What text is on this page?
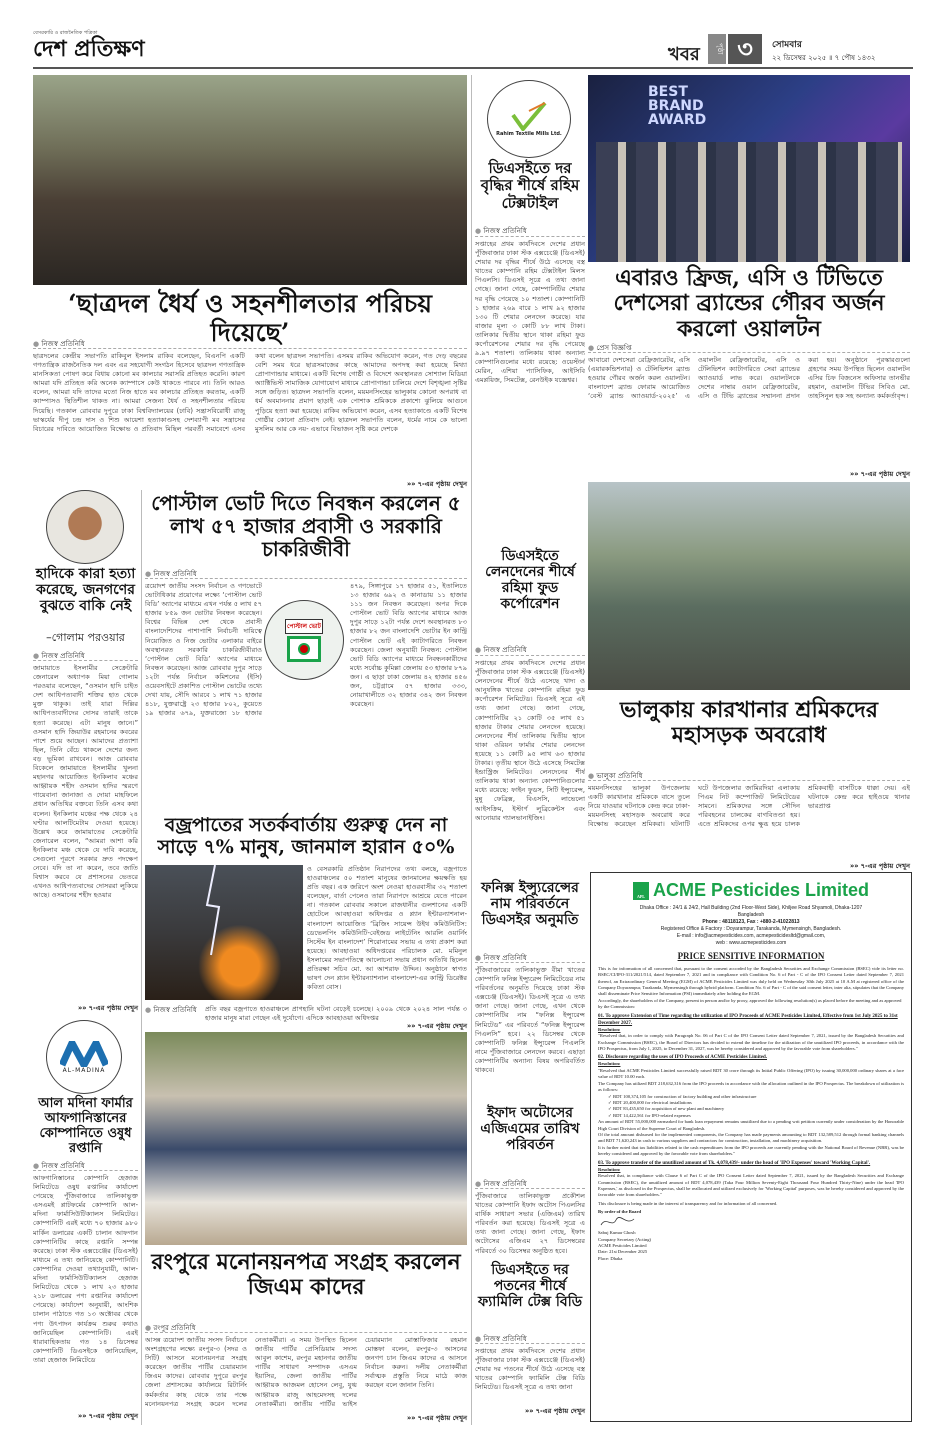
বেসরকারি ও রাজনৈতিক পত্রিকা
দেশ প্রতিক্ষণ	খবর	পৃষ্ঠা ৩	সোমবার
২২ ডিসেম্বর ২০২৫ ॥ ৭ পৌষ ১৪৩২
‘ছাত্রদল ধৈর্য ও সহনশীলতার পরিচয় দিয়েছে’
● নিজস্ব প্রতিনিধি
ছাত্রদলের কেন্দ্রীয় সভাপতি রাকিবুল ইসলাম রাকিব বলেছেন, বিএনপি একটি গণতান্ত্রিক রাজনৈতিক দল এবং এর সহযোগী সংগঠন হিসেবে ছাত্রদল গণতান্ত্রিক মানসিকতা পোষণ করে বিধায় কোনো মব কালচার সরাসরি প্রতিহত করেনি। কারণ আমরা যদি প্রতিহত করি অনেক ক্যাম্পাসে কেউ থাকতে পারবে না। তিনি আরও বলেন, আমরা যদি তাদের মতো নিজ হাতে মব কালচার প্রতিহত করতাম, একটি ক্যাম্পাসও স্থিতিশীল থাকত না। আমরা সেজন্য ধৈর্য ও সহনশীলতার পরিচয় দিয়েছি। গতকাল রোববার দুপুরে ঢাকা বিশ্ববিদ্যালয়ের (ঢাবি) সন্ত্রাসবিরোধী রাজু ভাস্কর্যের দীপু চন্দ্র দাস ও শিশু আয়েশা হত্যাকাণ্ডসহ দেশব্যাপী মব সন্ত্রাসের বিচারের দাবিতে আয়োজিত বিক্ষোভ ও প্রতিবাদ মিছিল পরবর্তী সমাবেশে এসব কথা বলেন ছাত্রদল সভাপতি। এসময় রাকিব অভিযোগ করেন, গত দেড় বছরের বেশি সময় ধরে ছাত্রসমাজের কাছে আমাদের অপদস্থ করা হয়েছে মিথ্যা প্রোপাগান্ডার মাধ্যমে। একটি বিশেষ গোষ্ঠী ও বিদেশে অবস্থানরত সোশ্যাল মিডিয়া অ্যাক্টিভিস্ট সামাজিক যোগাযোগ মাধ্যমে প্রোপাগান্ডা চালিয়ে দেশে বিশৃঙ্খলা সৃষ্টির সঙ্গে জড়িত। ছাত্রদল সভাপতি বলেন, ময়মনসিংহের ভালুকায় কোনো অপরাধ বা ধর্ম অবমাননার প্রমাণ ছাড়াই এক পোশাক শ্রমিককে প্রকাশ্যে ঝুলিয়ে আগুনে পুড়িয়ে হত্যা করা হয়েছে। রাকিব অভিযোগ করেন, এসব হত্যাকাণ্ডে একটি বিশেষ গোষ্ঠীর কোনো প্রতিবাদ নেই। ছাত্রদল সভাপতি বলেন, ধর্মের নামে কে ভালো মুসলিম আর কে নয়- এভাবে বিভাজন সৃষ্টি করে দেশকে
»» ৭-এর পৃষ্ঠায় দেখুন
Rahim Textile Mills Ltd.
ডিএসইতে দর বৃদ্ধির শীর্ষে রহিম টেক্সটাইল
● নিজস্ব প্রতিনিধি
সপ্তাহের প্রথম কার্যদিবসে দেশের প্রধান পুঁজিবাজার ঢাকা স্টক এক্সচেঞ্জে (ডিএসই) শেয়ার দর বৃদ্ধির শীর্ষে উঠে এসেছে বস্ত্র খাতের কোম্পানি রহিম টেক্সটাইল মিলস পিএলসি। ডিএসই সূত্রে এ তথ্য জানা গেছে। জানা গেছে, কোম্পানিটির শেয়ার দর বৃদ্ধি পেয়েছে ১০ শতাংশ। কোম্পানিটি ১ হাজার ২৬৯ বারে ১ লাখ ৯২ হাজার ১৩০ টি শেয়ার লেনদেন করেছে। যার বাজার মূল্য ৩ কোটি ৮৮ লাখ টাকা। তালিকার দ্বিতীয় স্থানে থাকা রহিমা ফুড কর্পোরেশনের শেয়ার দর বৃদ্ধি পেয়েছে ৯.৯৭ শতাংশ। তালিকায় থাকা অন্যান্য কোম্পানিগুলোর মধ্যে রয়েছে: ওয়েস্টার্ন মেরিন, এশিয়া প্যাসিফিক, আইসিবি এমপ্লয়িজ, সিমটেক্স, রেনউইক যজ্ঞেশ্বর।
ডিএসইতে লেনদেনের শীর্ষে রহিমা ফুড কর্পোরেশন
● নিজস্ব প্রতিনিধি
সপ্তাহের প্রথম কার্যদিবসে দেশের প্রধান পুঁজিবাজার ঢাকা স্টক এক্সচেঞ্জে (ডিএসই) লেনদেনের শীর্ষে উঠে এসেছে খাদ্য ও আনুষঙ্গিক খাতের কোম্পানি রহিমা ফুড কর্পোরেশন লিমিটেড। ডিএসই সূত্রে এই তথ্য জানা গেছে। জানা গেছে, কোম্পানিটির ২১ কোটি ৩৫ লাখ ৫১ হাজার টাকার শেয়ার লেনদেন হয়েছে। লেনদেনের শীর্ষ তালিকায় দ্বিতীয় স্থানে থাকা ওরিয়ন ফার্মার শেয়ার লেনদেন হয়েছে ১১ কোটি ৯৫ লাখ ৬৩ হাজার টাকার। তৃতীয় স্থানে উঠে এসেছে সিমটেক্স ইন্ডাস্ট্রিজ লিমিটেড। লেনদেনের শীর্ষ তালিকায় থাকা অন্যান্য কোম্পানিগুলোর মধ্যে রয়েছে: ফাইন ফুডস, সিটি ইন্স্যুরেন্স, মুন্নু ফেব্রিক্স, বিএসসি, লাভেলো আইসক্রিম, ইস্টার্ণ লুব্রিকেন্টস এবং আনোয়ার গ্যালভানাইজিং।
ফনিক্স ইন্স্যুরেন্সের নাম পরিবর্তনে ডিএসইর অনুমতি
● নিজস্ব প্রতিনিধি
পুঁজিবাজারের তালিকাভুক্ত বীমা খাতের কোম্পানি ফনিক্স ইন্স্যুরেন্স লিমিটেডের নাম পরিবর্তনের অনুমতি দিয়েছে ঢাকা স্টক এক্সচেঞ্জ (ডিএসই)। ডিএসই সূত্রে এ তথ্য জানা গেছে। জানা গেছে, এখন থেকে কোম্পানিটির নাম “ফনিক্স ইন্স্যুরেন্স লিমিটেড” এর পরিবর্তে “ফনিক্স ইন্স্যুরেন্স পিএলসি” হবে। ২২ ডিসেম্বর থেকে কোম্পানিটি ফনিক্স ইন্স্যুরেন্স পিএলসি নামে পুঁজিবাজারে লেনদেন করবে। এছাড়া কোম্পানিটির অন্যান্য বিষয় অপরিবর্তিত থাকবে।
ইফাদ অটোসের এজিএমের তারিখ পরিবর্তন
● নিজস্ব প্রতিনিধি
পুঁজিবাজারে তালিকাভুক্ত প্রকৌশল খাতের কোম্পানি ইফাদ অটোস পিএলসির বার্ষিক সাধারণ সভার (এজিএম) তারিখ পরিবর্তন করা হয়েছে। ডিএসই সূত্রে এ তথ্য জানা গেছে। জানা গেছে, ইফাদ অটোসের এজিএম ২৭ ডিসেম্বরের পরিবর্তে ৩০ ডিসেম্বর অনুষ্ঠিত হবে।
ডিএসইতে দর পতনের শীর্ষে ফ্যামিলি টেক্স বিডি
● নিজস্ব প্রতিনিধি
সপ্তাহের প্রথম কার্যদিবসে দেশের প্রধান পুঁজিবাজার ঢাকা স্টক এক্সচেঞ্জে (ডিএসই) শেয়ার দর পতনের শীর্ষে উঠে এসেছে বস্ত্র খাতের কোম্পানি ফ্যামিলি টেক্স বিডি লিমিটেড। ডিএসই সূত্রে এ তথ্য জানা
»» ৭-এর পৃষ্ঠায় দেখুন
BEST BRAND AWARD
এবারও ফ্রিজ, এসি ও টিভিতে দেশসেরা ব্র্যান্ডের গৌরব অর্জন করলো ওয়ালটন
● প্রেস বিজ্ঞপ্তি
আবারো দেশসেরা রেফ্রিজারেটর, এসি (এয়ারকন্ডিশনার) ও টেলিভিশন ব্র্যান্ড হওয়ার গৌরব অর্জন করল ওয়ালটন। বাংলাদেশ ব্র্যান্ড ফোরাম আয়োজিত ‘বেস্ট ব্র্যান্ড অ্যাওয়ার্ড-২০২৫’ এ ওয়ালটন রেফ্রিজারেটর, এসি ও টেলিভিশন ক্যাটাগরিতে সেরা ব্র্যান্ডের অ্যাওয়ার্ড লাভ করে। ওয়ালটনকে দেশের নাম্বার ওয়ান রেফ্রিজারেটর, এসি ও টিভি ব্র্যান্ডের সম্মাননা প্রদান করা হয়। অনুষ্ঠানে পুরস্কারগুলো গ্রহণের সময় উপস্থিত ছিলেন ওয়ালটন এসির চিফ বিজনেস অফিসার তানভীর রহমান, ওয়ালটন টিভির সিবিও মো. তাহসিনুল হক সহ অন্যান্য কর্মকর্তাবৃন্দ।
»» ৭-এর পৃষ্ঠায় দেখুন
ভালুকায় কারখানার শ্রমিকদের মহাসড়ক অবরোধ
● ভালুকা প্রতিনিধি
ময়মনসিংহের ভালুকা উপজেলায় একটি কারখানার শ্রমিককে বাসে তুলে নিয়ে যাওয়ার ঘটনাকে কেন্দ্র করে ঢাকা-ময়মনসিংহ মহাসড়ক অবরোধ করে বিক্ষোভ করেছেন শ্রমিকরা। ঘটনাটি ঘটে উপজেলার জামিরদিয়া এলাকায় পিএম নিট কম্পোজিট লিমিটেডের সামনে। শ্রমিকদের সঙ্গে সৌদিন পরিবহনের চালকের বাগবিতণ্ডা হয়। এতে শ্রমিকদের ওপর ক্ষুব্ধ হয়ে চালক শ্রমিকবাহী বাসটিকে ধাক্কা দেয়। এই ঘটনাকে কেন্দ্র করে হাইওয়ে থানার ভারপ্রাপ্ত
»» ৭-এর পৃষ্ঠায় দেখুন
APL ACME Pesticides Limited
Dhaka Office : 24/1 & 24/2, Hall Building (2nd Floor-West Side), Khiljee Road Shyamoli, Dhaka-1207 Bangladesh
Phone : 48118123, Fax : +880-2-41022813
Registered Office & Factory : Doyarampur, Tarakanda, Mymensingh, Bangladesh.
E-mail : info@acmepesticides.com, acmepesticidesltd@gmail.com,
web : www.acmepesticides.com
PRICE SENSITIVE INFORMATION

This is for information of all concerned that, pursuant to the consent accorded by the Bangladesh Securities and Exchange Commission (BSEC) vide its letter no. BSEC/CI/IPO-311/2021/514, dated September 7, 2021 and in compliance with Condition No. 6 of Part - C of the IPO Consent Letter dated September 7, 2021 thereof, an Extraordinary General Meeting (EGM) of ACME Pesticides Limited was duly held on Wednesday 30th July 2025 at 10 A.M at registered office of the Company Doyarampur, Tarakanda, Mymensingh through hybrid platform. Condition No. 6 of Part - C of the said consent letter, inter alia, stipulates that the Company shall disseminate Price Sensitive Information (PSI) immediately after holding the EGM.

Accordingly, the shareholders of the Company, present in person and/or by proxy, approved the following resolution(s) as placed before the meeting and as approved by the Commission:

01. To approve Extension of Time regarding the utilization of IPO Proceeds of ACME Pesticides Limited, Effective from 1st July 2025 to 31st December 2027.

Resolution:

"Resolved that, in order to comply with Paragraph No. 06 of Part C of the IPO Consent Letter dated September 7, 2021, issued by the Bangladesh Securities and Exchange Commission (BSEC), the Board of Directors has decided to extend the timeline for the utilization of the unutilized IPO proceeds, in accordance with the IPO Prospectus, from July 1, 2025, to December 31, 2027, was be hereby considered and approved by the favorable vote from shareholders."

02. Disclosure regarding the uses of IPO Proceeds of ACME Pesticides Limited.

Resolution:

"Resolved that ACME Pesticides Limited successfully raised BDT 30 crore through its Initial Public Offering (IPO) by issuing 30,000,000 ordinary shares at a face value of BDT 10.00 each.

The Company has utilized BDT 218,632,316 from the IPO proceeds in accordance with the allocation outlined in the IPO Prospectus. The breakdown of utilization is as follows:

✓ BDT 100,374,105 for construction of factory building and other infrastructure
✓ BDT 20,400,000 for electrical installations
✓ BDT 83,435,650 for acquisition of new plant and machinery
✓ BDT 14,422,561 for IPO-related expenses

An amount of BDT 55,000,000 earmarked for bank loan repayment remains unutilized due to a pending writ petition currently under consideration by the Honorable High Court Division of the Supreme Court of Bangladesh.

Of the total amount disbursed for the implemented components, the Company has made payments amounting to BDT 132,589,512 through formal banking channels and BDT 71,620,243 in cash to various suppliers and contractors for construction, installation, and machinery acquisition.

It is further noted that tax liabilities related to the cash expenditures from the IPO proceeds are currently pending with the National Board of Revenue (NBR), was be hereby considered and approved by the favorable vote from shareholders."

03. To approve transfer of the unutilized amount of Tk. 4,078,439/- under the head of 'IPO Expenses' toward 'Working Capital'.

Resolution:

Resolved that, in compliance with Clause 6 of Part C of the IPO Consent Letter dated September 7, 2021, issued by the Bangladesh Securities and Exchange Commission (BSEC), the unutilized amount of BDT 4,078,439 (Taka Four Million Seventy-Eight Thousand Four Hundred Thirty-Nine) under the head 'IPO Expenses,' as disclosed in the Prospectus, shall be reallocated and utilized exclusively for 'Working Capital' purposes, was be hereby considered and approved by the favorable vote from shareholders."

This disclosure is being made in the interest of transparency and for information of all concerned.

By order of the Board

Sabuj Kumar Ghosh

Company Secretary (Acting)

ACME Pesticides Limited

Date: 21st December 2025

Place: Dhaka

হাদিকে কারা হত্যা করেছে, জনগণের বুঝতে বাকি নেই
–গোলাম পরওয়ার
● নিজস্ব প্রতিনিধি
জামায়াতে ইসলামীর সেক্রেটারি জেনারেল অধ্যাপক মিয়া গোলাম পরওয়ার বলেছেন, “ওসমান হাদি চাইত দেশ আধিপত্যবাদী শক্তির হাত থেকে মুক্ত থাকুক। তাই যারা দিল্লির আধিপত্যবাদীদের দোসর তারাই তাকে হত্যা করেছে। এটা মানুষ জানে।” ওসমান হাদি জিয়াউর রহমানের কবরের পাশে শুয়ে আছেন। আমাদের প্রত্যাশা ছিল, তিনি বেঁচে থাকলে দেশের জন্য বড় ভূমিকা রাখবেন। আজ রোববার বিকেলে জামায়াতে ইসলামীর খুলনা মহানগর আয়োজিত ইনকিলাব মঞ্চের আহ্বায়ক শহীদ ওসমান হাদির স্মরণে গায়েবানা জানাজা ও দোয়া মাহফিলে প্রধান অতিথির বক্তব্যে তিনি এসব কথা বলেন। ইনকিলাব মঞ্চের পক্ষ থেকে ২৪ ঘণ্টার আলটিমেটাম দেওয়া হয়েছে। উল্লেখ করে জামায়াতের সেক্রেটারি জেনারেল বলেন, “আমরা আশা করি ইনকিলাব মঞ্চ থেকে যে দাবি করেছে, সেগুলো পূরণে সরকার দ্রুত পদক্ষেপ নেবে। যদি তা না করেন, তবে জাতি বিশ্বাস করবে যে প্রশাসনের ভেতরে এখনও আধিপত্যবাদের দোসররা লুকিয়ে আছে। ওসমানের শহীদ হওয়ার
»» ৭-এর পৃষ্ঠায় দেখুন
পোস্টাল ভোট দিতে নিবন্ধন করলেন ৫ লাখ ৫৭ হাজার প্রবাসী ও সরকারি চাকরিজীবী
● নিজস্ব প্রতিনিধি
ত্রয়োদশ জাতীয় সংসদ নির্বাচন ও গণভোটে ভোটাধিকার প্রয়োগের লক্ষ্যে ‘পোস্টাল ভোট বিডি’ অ্যাপের মাধ্যমে এখন পর্যন্ত ৫ লাখ ৫৭ হাজার ৮৫৯ জন ভোটার নিবন্ধন করেছেন। বিশ্বের বিভিন্ন দেশ থেকে প্রবাসী বাংলাদেশিদের পাশাপাশি নির্বাচনী দায়িত্বে নিয়োজিত ও নিজ ভোটার এলাকার বাইরে অবস্থানরত সরকারি চাকরিজীবীরাও ‘পোস্টাল ভোট বিডি’ অ্যাপের মাধ্যমে নিবন্ধন করেছেন। আজ রোববার দুপুর সাড়ে ১২টা পর্যন্ত নির্বাচন কমিশনের (ইসি) ওয়েবসাইটে প্রকাশিত পোস্টাল ভোটের তথ্যে দেখা যায়, সৌদি আরবে ১ লাখ ৭১ হাজার ৪১৮, যুক্তরাষ্ট্রে ২৩ হাজার ৮০২, কুয়েতে ১৯ হাজার ৬৭৯, যুক্তরাজ্যে ১৮ হাজার ৪৭৯, সিঙ্গাপুরে ১৭ হাজার ৫১, ইতালিতে ১৩ হাজার ৬৯২ ও কানাডায় ১১ হাজার ১১১ জন নিবন্ধন করেছেন। অপর দিকে পোস্টাল ভোট বিডি অ্যাপের মাধ্যমে আজ দুপুর সাড়ে ১২টা পর্যন্ত দেশে অবস্থানরত ৮৩ হাজার ৮২ জন বাংলাদেশি ভোটার ইন কান্ট্রি পোস্টাল ভোট এই ক্যাটাগরিতে নিবন্ধন করেছেন। জেলা অনুযায়ী নিবন্ধন: পোস্টাল ভোট বিডি অ্যাপের মাধ্যমে নিবন্ধনকারীদের মধ্যে সর্বোচ্চ কুমিল্লা জেলায় ৫৩ হাজার ৮৭৯ জন। এ ছাড়া ঢাকা জেলায় ৪২ হাজার ৪৫৬ জন, চট্টগ্রামে ৫৭ হাজার ৩৩৩, নোয়াখালীতে ৩২ হাজার ৩৪২ জন নিবন্ধন করেছেন।
পোস্টাল ভোট
বজ্রপাতের সতর্কবার্তায় গুরুত্ব দেন না সাড়ে ৭% মানুষ, জানমাল হারান ৫০%
ও বেসরকারি প্রতিষ্ঠান নিরাপদের তথ্য বলছে, বজ্রপাতে হাওরাঞ্চলের ৫০ শতাংশ মানুষের জানমালের ক্ষয়ক্ষতি হয় প্রতি বছর। এক জরিপে অংশ নেওয়া হাওরবাসীর ৩২ শতাংশ বলেছেন, বার্তা পেলেও তারা নিরাপদে আশ্রয়ে যেতে পারেন না। গতকাল রোববার সকালে রাজধানীর গুলশানের একটি হোটেলে আবহাওয়া অধিদপ্তর ও প্ল্যান ইন্টারন্যাশনাল-বাংলাদেশ আয়োজিত ‘ব্রিজিং সায়েন্স উইথ কমিউনিটিস: ডেভেলপিং কমিউনিটি-বেইজড লাইটেনিং আরলি ওয়ার্নিং সিস্টেম ইন বাংলাদেশ’ শিরোনামের সভায় এ তথ্য প্রকাশ করা হয়েছে। আবহাওয়া অধিদপ্তরের পরিচালক মো. মমিনুল ইসলামের সভাপতিত্বে আলোচনা সভায় প্রধান অতিথি ছিলেন প্রতিরক্ষা সচিব মো. আ আশরাফ উদ্দিন। অনুষ্ঠানে স্বাগত ভাষণ দেন প্ল্যান ইন্টারন্যাশনাল বাংলাদেশ-এর কান্ট্রি ডিরেক্টর কবিতা বোস।
● নিজস্ব প্রতিনিধি	প্রতি বছর বজ্রপাতে হাওরাঞ্চলে প্রাণহানি ঘটনা বেড়েই চলেছে। ২০০৯ থেকে ২০২৪ সাল পর্যন্ত ৩ হাজার মানুষ মারা গেছেন এই দুর্যোগে। এদিকে আবহাওয়া অধিদপ্তর
»» ৭-এর পৃষ্ঠায় দেখুন
রংপুরে মনোনয়নপত্র সংগ্রহ করলেন জিএম কাদের
● রংপুর প্রতিনিধি
আসন্ন ত্রয়োদশ জাতীয় সংসদ নির্বাচনে অংশগ্রহণের লক্ষ্যে রংপুর-৩ (সদর ও সিটি) আসনে মনোনয়নপত্র সংগ্রহ করেছেন জাতীয় পার্টির চেয়ারম্যান জিএম কাদের। রোববার দুপুরে রংপুর জেলা প্রশাসকের কার্যালয়ে রিটার্নিং কর্মকর্তার কাছ থেকে তার পক্ষে মনোনয়নপত্র সংগ্রহ করেন দলের নেতাকর্মীরা। এ সময় উপস্থিত ছিলেন জাতীয় পার্টির প্রেসিডিয়াম সদস্য আবুল কাশেম, রংপুর মহানগর জাতীয় পার্টির সাধারণ সম্পাদক এসএম ইয়াসির, জেলা জাতীয় পার্টির আহ্বায়ক আজমল হোসেন লেবু, যুগ্ম আহ্বায়ক রাজু আহমেদসহ দলের নেতাকর্মীরা। জাতীয় পার্টির ভাইস চেয়ারম্যান মোস্তাফিজার রহমান মোস্তফা বলেন, রংপুর-৩ আসনের জনগণ চান জিএম কাদের এ আসনে নির্বাচন করুন। দলীয় নেতাকর্মীরা সর্বাত্মক প্রস্তুতি নিয়ে মাঠে কাজ করছেন বলে জানান তিনি।
»» ৭-এর পৃষ্ঠায় দেখুন
AL-MADINA
আল মদিনা ফার্মার আফগানিস্তানের কোম্পানিতে ওষুধ রপ্তানি
● নিজস্ব প্রতিনিধি
আফগানিস্তানের কোম্পানি হেজাজ লিমিটেডে ওষুধ রপ্তানির কার্যাদেশ পেয়েছে পুঁজিবাজারে তালিকাভুক্ত এসএমই প্লাটফর্মের কোম্পানি আল-মদিনা ফার্মাসিউটিক্যালস লিমিটেড। কোম্পানিটি এরই মধ্যে ৭০ হাজার ৯৮০ মার্কিন ডলারের একটি চালান আফগান কোম্পানিটির কাছে রপ্তানি সম্পন্ন করেছে। ঢাকা স্টক এক্সচেঞ্জের (ডিএসই) মাধ্যমে এ তথ্য জানিয়েছে কোম্পানিটি। কোম্পানির দেওয়া তথ্যানুযায়ী, আল-মদিনা ফার্মাসিউটিক্যালস হেজাজ লিমিটেডে থেকে ১ লাখ ২৩ হাজার ২১৮ ডলারের পণ্য রপ্তানির কার্যাদেশ পেয়েছে। কার্যাদেশ অনুযায়ী, আংশিক চালান পাঠাতে গত ১৩ অক্টোবর থেকে পণ্য উৎপাদন কার্যক্রম শুরুর কথাও জানিয়েছিল কোম্পানিটি। এরই ধারাবাহিকতায় গত ১৪ ডিসেম্বর কোম্পানিটি ডিএসইকে জানিয়েছিল, তারা হেজাজ লিমিটেডে
»» ৭-এর পৃষ্ঠায় দেখুন
